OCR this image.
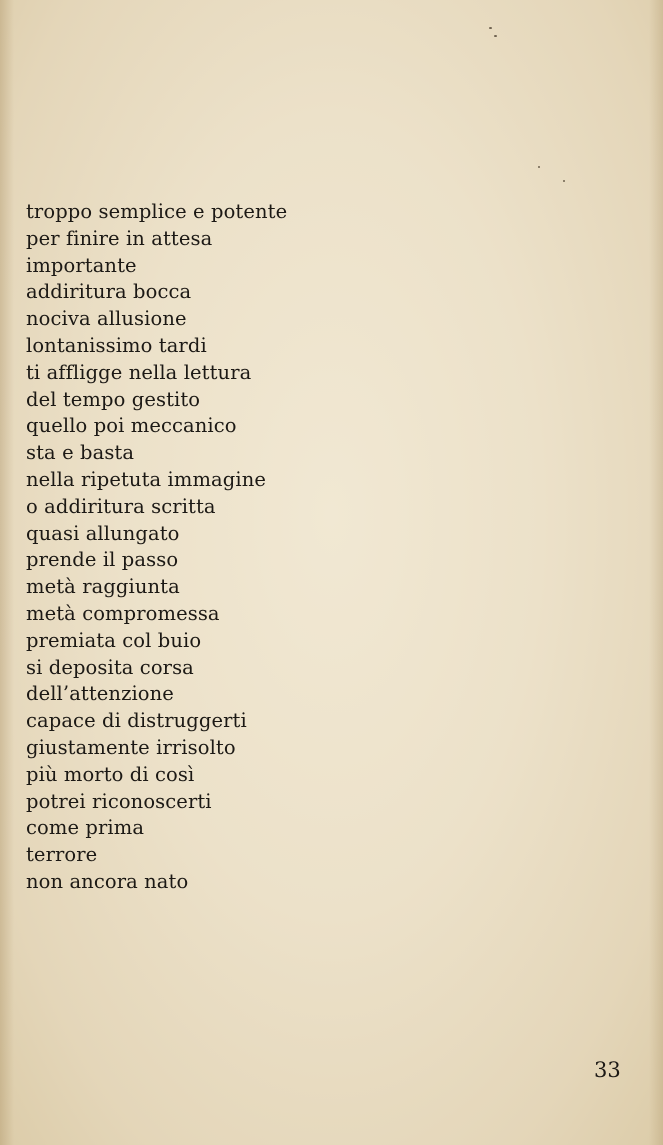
troppo semplice e potente
per finire in attesa
importante
addiritura bocca
nociva allusione
lontanissimo tardi
ti affligge nella lettura
del tempo gestito
quello poi meccanico
sta e basta
nella ripetuta immagine
o addiritura scritta
quasi allungato
prende il passo
metà raggiunta
metà compromessa
premiata col buio
si deposita corsa
dell’attenzione
capace di distruggerti
giustamente irrisolto
più morto di così
potrei riconoscerti
come prima
terrore
non ancora nato
33
